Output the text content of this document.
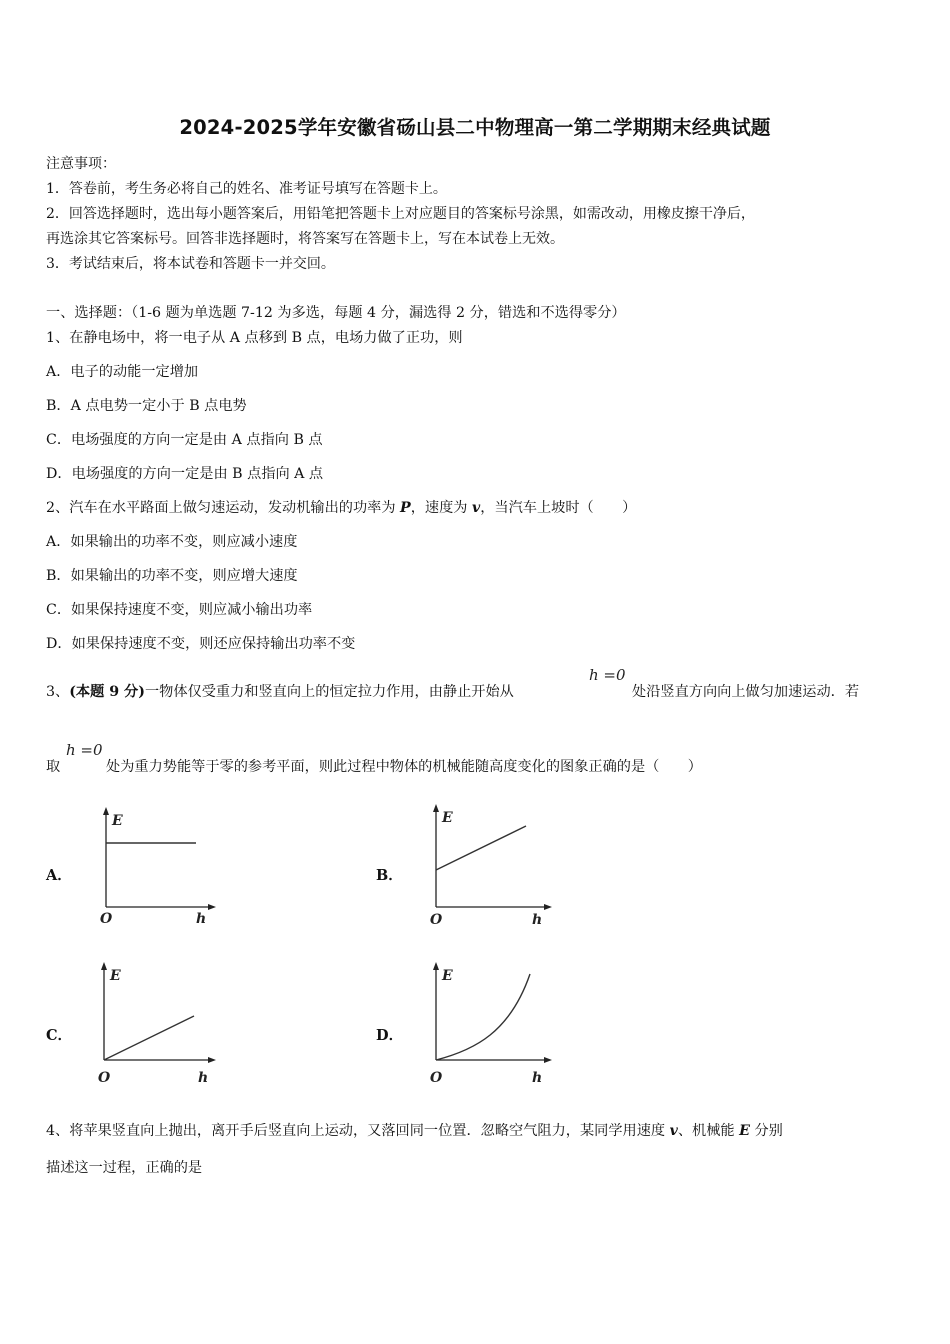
2024-2025学年安徽省砀山县二中物理高一第二学期期末经典试题
注意事项：
1．答卷前，考生务必将自己的姓名、准考证号填写在答题卡上。
2．回答选择题时，选出每小题答案后，用铅笔把答题卡上对应题目的答案标号涂黑，如需改动，用橡皮擦干净后，
再选涂其它答案标号。回答非选择题时，将答案写在答题卡上，写在本试卷上无效。
3．考试结束后，将本试卷和答题卡一并交回。
一、选择题：（1-6 题为单选题 7-12 为多选，每题 4 分，漏选得 2 分，错选和不选得零分）
1、在静电场中，将一电子从 A 点移到 B 点，电场力做了正功，则
A．电子的动能一定增加
B．A 点电势一定小于 B 点电势
C．电场强度的方向一定是由 A 点指向 B 点
D．电场强度的方向一定是由 B 点指向 A 点
2、汽车在水平路面上做匀速运动，发动机输出的功率为 P，速度为 v，当汽车上坡时（　　）
A．如果输出的功率不变，则应减小速度
B．如果输出的功率不变，则应增大速度
C．如果保持速度不变，则应减小输出功率
D．如果保持速度不变，则还应保持输出功率不变
3、(本题 9 分)一物体仅受重力和竖直向上的恒定拉力作用，由静止开始从
h =0
处沿竖直方向向上做匀加速运动．若
取
h =0
处为重力势能等于零的参考平面，则此过程中物体的机械能随高度变化的图象正确的是（　　）
A．
E
h
O
B．
E
h
O
C．
E
h
O
D．
E
h
O
4、将苹果竖直向上抛出，离开手后竖直向上运动，又落回同一位置．忽略空气阻力，某同学用速度 v、机械能 E 分别
描述这一过程，正确的是
